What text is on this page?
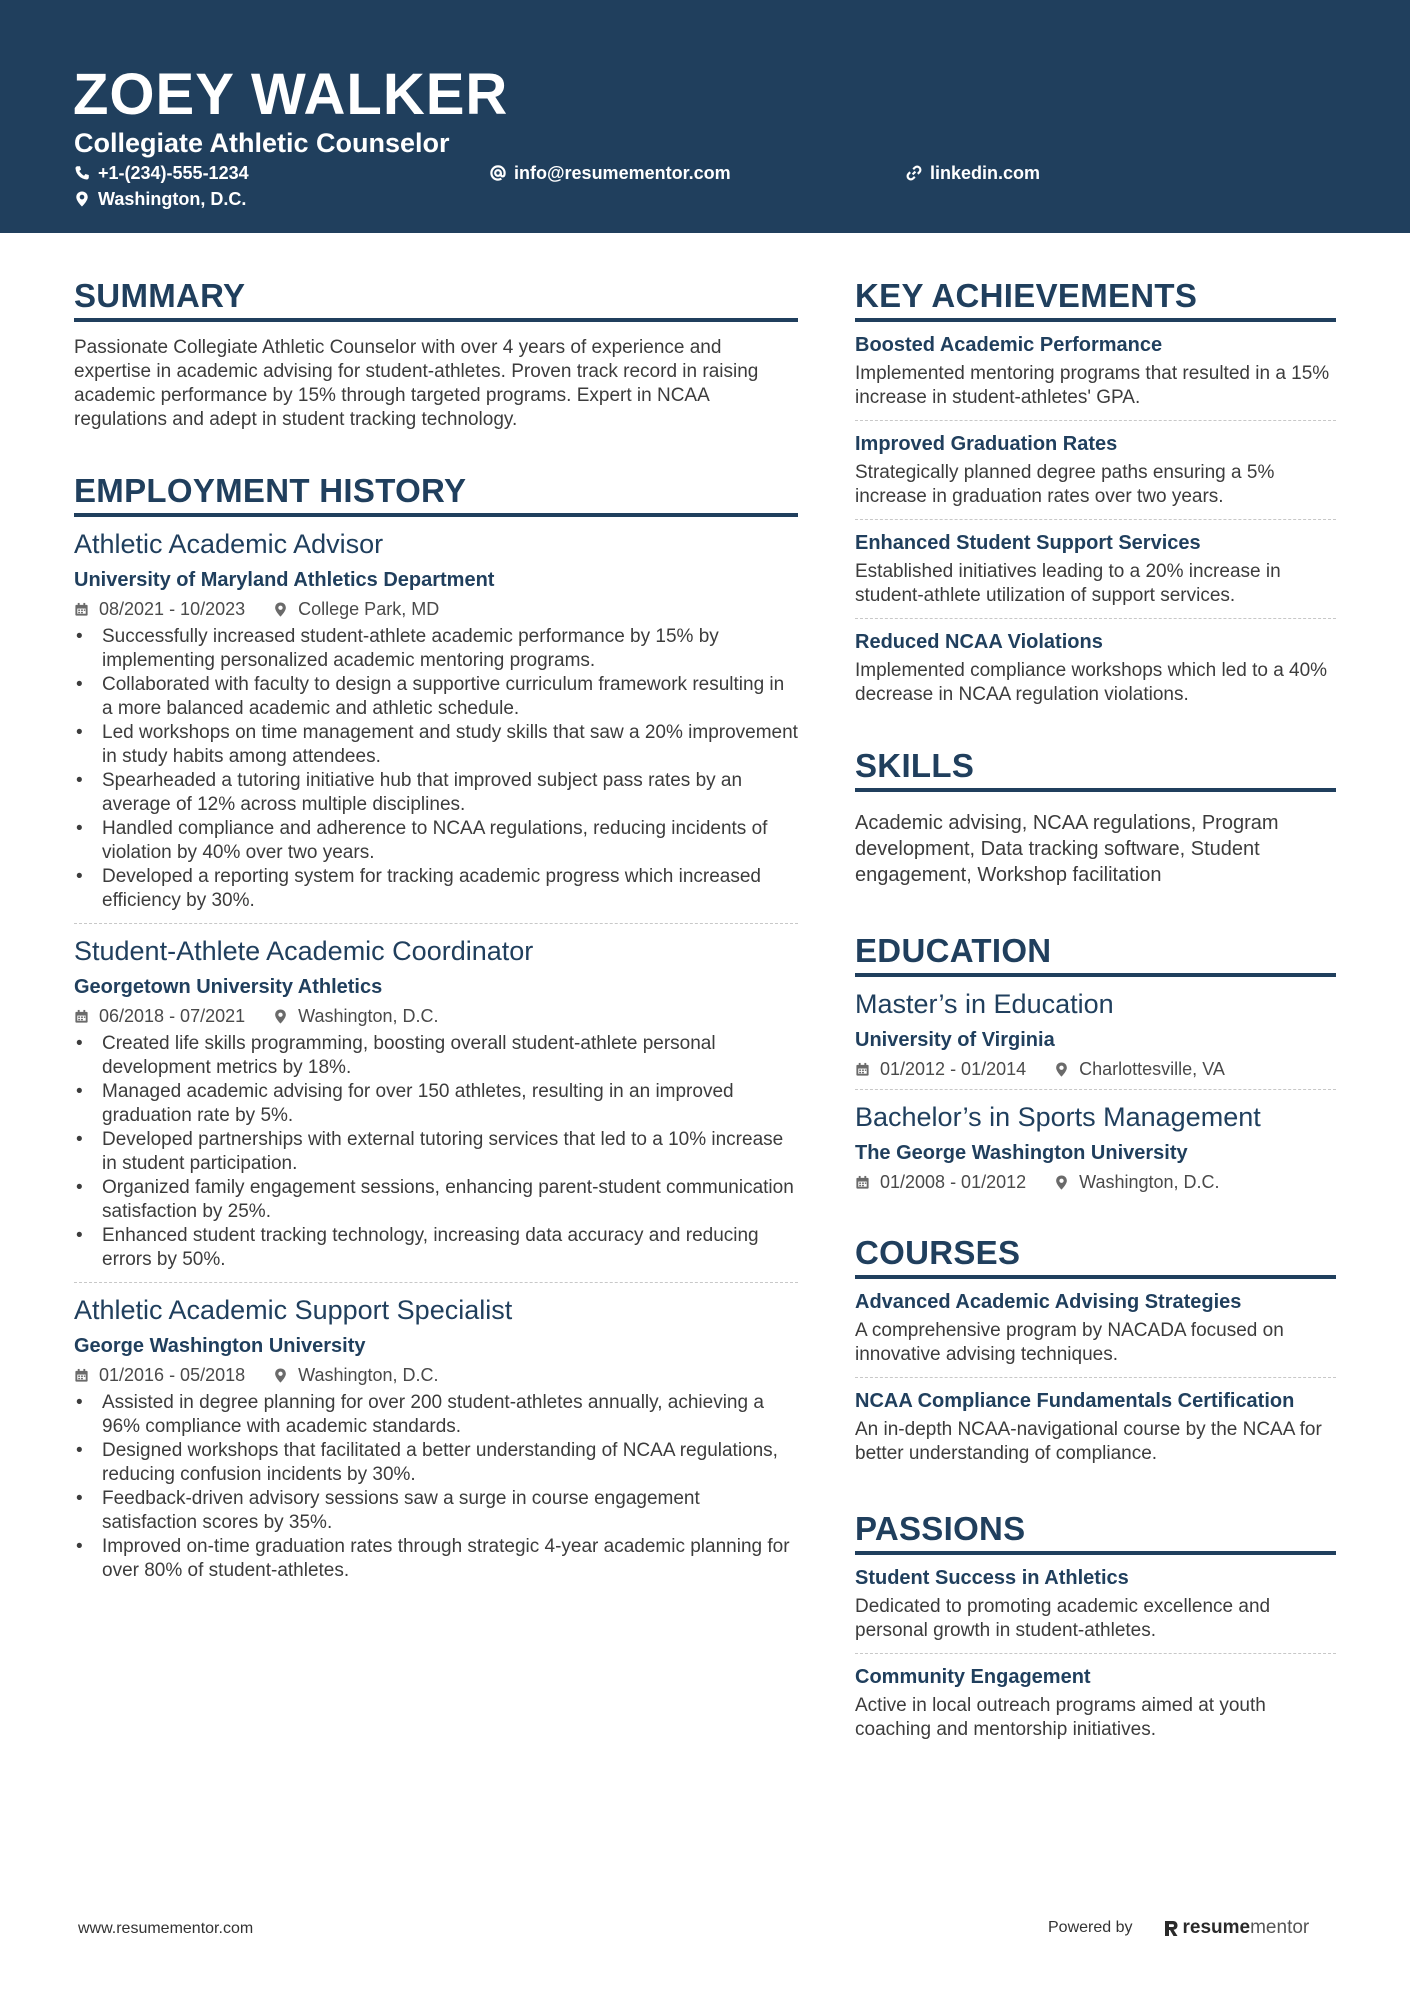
ZOEY WALKER
Collegiate Athletic Counselor
+1-(234)-555-1234	info@resumementor.com	linkedin.com
Washington, D.C.
SUMMARY

Passionate Collegiate Athletic Counselor with over 4 years of experience and expertise in academic advising for student-athletes. Proven track record in raising academic performance by 15% through targeted programs. Expert in NCAA regulations and adept in student tracking technology.

EMPLOYMENT HISTORY
Athletic Academic Advisor
University of Maryland Athletics Department
08/2021 - 10/2023	College Park, MD
• Successfully increased student-athlete academic performance by 15% by implementing personalized academic mentoring programs.
• Collaborated with faculty to design a supportive curriculum framework resulting in a more balanced academic and athletic schedule.
• Led workshops on time management and study skills that saw a 20% improvement in study habits among attendees.
• Spearheaded a tutoring initiative hub that improved subject pass rates by an average of 12% across multiple disciplines.
• Handled compliance and adherence to NCAA regulations, reducing incidents of violation by 40% over two years.
• Developed a reporting system for tracking academic progress which increased efficiency by 30%.
Student-Athlete Academic Coordinator
Georgetown University Athletics
06/2018 - 07/2021	Washington, D.C.
• Created life skills programming, boosting overall student-athlete personal development metrics by 18%.
• Managed academic advising for over 150 athletes, resulting in an improved graduation rate by 5%.
• Developed partnerships with external tutoring services that led to a 10% increase in student participation.
• Organized family engagement sessions, enhancing parent-student communication satisfaction by 25%.
• Enhanced student tracking technology, increasing data accuracy and reducing errors by 50%.
Athletic Academic Support Specialist
George Washington University
01/2016 - 05/2018	Washington, D.C.
• Assisted in degree planning for over 200 student-athletes annually, achieving a 96% compliance with academic standards.
• Designed workshops that facilitated a better understanding of NCAA regulations, reducing confusion incidents by 30%.
• Feedback-driven advisory sessions saw a surge in course engagement satisfaction scores by 35%.
• Improved on-time graduation rates through strategic 4-year academic planning for over 80% of student-athletes.
KEY ACHIEVEMENTS
Boosted Academic Performance
Implemented mentoring programs that resulted in a 15% increase in student-athletes' GPA.
Improved Graduation Rates
Strategically planned degree paths ensuring a 5% increase in graduation rates over two years.
Enhanced Student Support Services
Established initiatives leading to a 20% increase in student-athlete utilization of support services.
Reduced NCAA Violations
Implemented compliance workshops which led to a 40% decrease in NCAA regulation violations.
SKILLS

Academic advising, NCAA regulations, Program development, Data tracking software, Student engagement, Workshop facilitation

EDUCATION
Master’s in Education
University of Virginia
01/2012 - 01/2014	Charlottesville, VA
Bachelor’s in Sports Management
The George Washington University
01/2008 - 01/2012	Washington, D.C.
COURSES
Advanced Academic Advising Strategies
A comprehensive program by NACADA focused on innovative advising techniques.
NCAA Compliance Fundamentals Certification
An in-depth NCAA-navigational course by the NCAA for better understanding of compliance.
PASSIONS
Student Success in Athletics
Dedicated to promoting academic excellence and personal growth in student-athletes.
Community Engagement
Active in local outreach programs aimed at youth coaching and mentorship initiatives.
www.resumementor.com	Powered by	resume mentor
